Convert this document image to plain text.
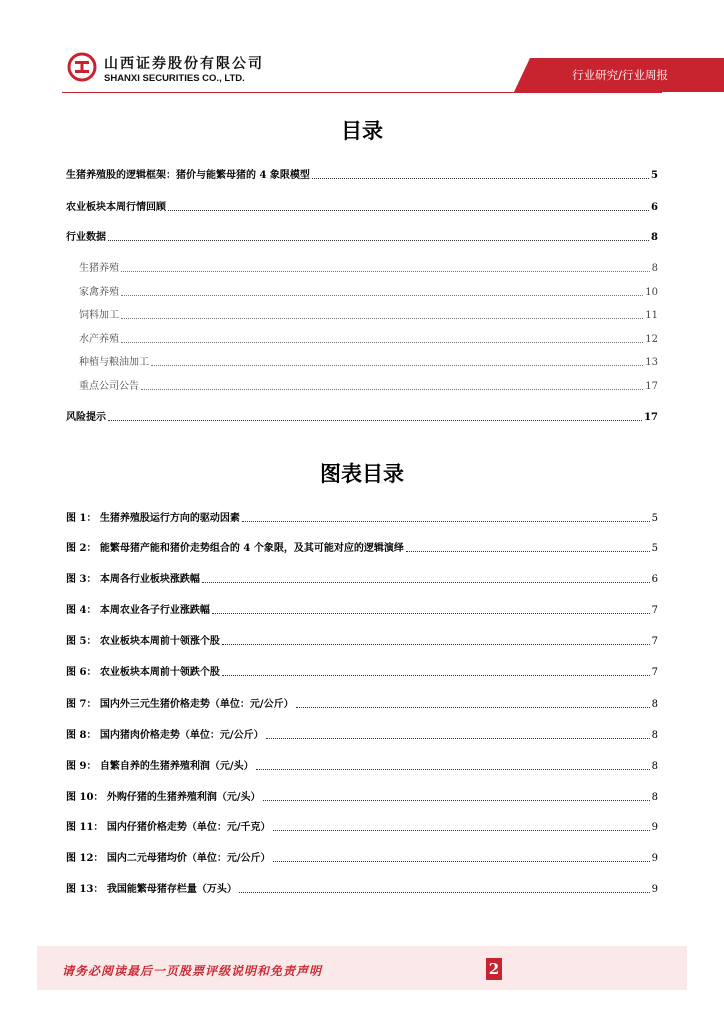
山西证券股份有限公司
SHANXI SECURITIES CO., LTD.	行业研究/行业周报
目录
生猪养殖股的逻辑框架：猪价与能繁母猪的 4 象限模型	5
农业板块本周行情回顾	6
行业数据	8
生猪养殖	8
家禽养殖	10
饲料加工	11
水产养殖	12
种植与粮油加工	13
重点公司公告	17
风险提示	17
图表目录
图 1： 生猪养殖股运行方向的驱动因素	5
图 2： 能繁母猪产能和猪价走势组合的 4 个象限，及其可能对应的逻辑演绎	5
图 3： 本周各行业板块涨跌幅	6
图 4： 本周农业各子行业涨跌幅	7
图 5： 农业板块本周前十领涨个股	7
图 6： 农业板块本周前十领跌个股	7
图 7： 国内外三元生猪价格走势（单位：元/公斤）	8
图 8： 国内猪肉价格走势（单位：元/公斤）	8
图 9： 自繁自养的生猪养殖利润（元/头）	8
图 10： 外购仔猪的生猪养殖利润（元/头）	8
图 11： 国内仔猪价格走势（单位：元/千克）	9
图 12： 国内二元母猪均价（单位：元/公斤）	9
图 13： 我国能繁母猪存栏量（万头）	9
请务必阅读最后一页股票评级说明和免责声明	2
